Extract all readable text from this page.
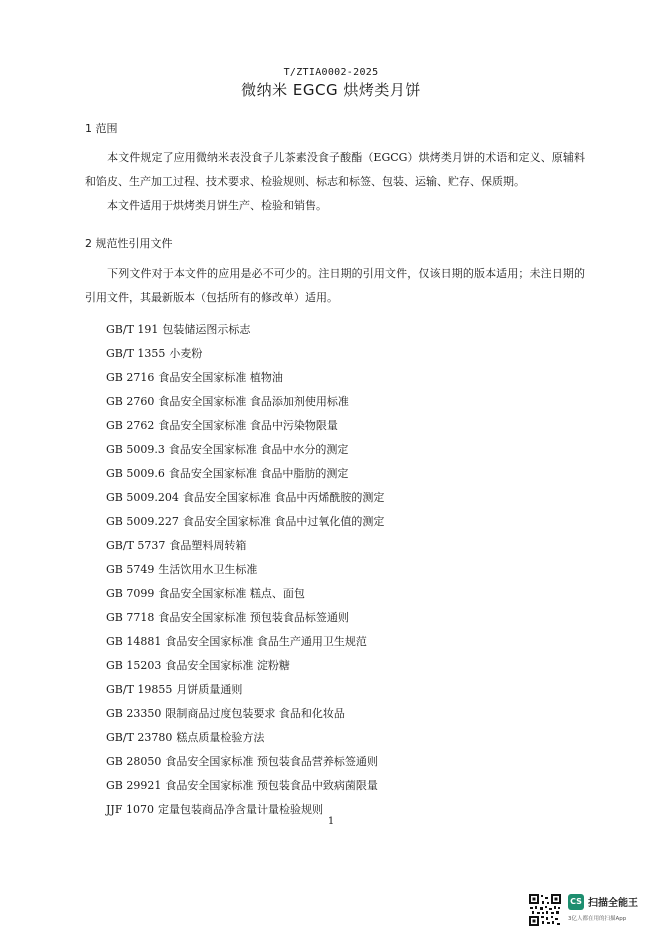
T/ZTIA0002-2025
微纳米 EGCG 烘烤类月饼
1 范围
本文件规定了应用微纳米表没食子儿茶素没食子酸酯（EGCG）烘烤类月饼的术语和定义、原辅料和馅皮、生产加工过程、技术要求、检验规则、标志和标签、包装、运输、贮存、保质期。
本文件适用于烘烤类月饼生产、检验和销售。
2 规范性引用文件
下列文件对于本文件的应用是必不可少的。注日期的引用文件，仅该日期的版本适用；未注日期的引用文件，其最新版本（包括所有的修改单）适用。
GB/T 191 包装储运图示标志
GB/T 1355 小麦粉
GB 2716 食品安全国家标准 植物油
GB 2760 食品安全国家标准 食品添加剂使用标准
GB 2762 食品安全国家标准 食品中污染物限量
GB 5009.3 食品安全国家标准 食品中水分的测定
GB 5009.6 食品安全国家标准 食品中脂肪的测定
GB 5009.204 食品安全国家标准 食品中丙烯酰胺的测定
GB 5009.227 食品安全国家标准 食品中过氧化值的测定
GB/T 5737 食品塑料周转箱
GB 5749 生活饮用水卫生标准
GB 7099 食品安全国家标准 糕点、面包
GB 7718 食品安全国家标准 预包装食品标签通则
GB 14881 食品安全国家标准 食品生产通用卫生规范
GB 15203 食品安全国家标准 淀粉糖
GB/T 19855 月饼质量通则
GB 23350 限制商品过度包装要求 食品和化妆品
GB/T 23780 糕点质量检验方法
GB 28050 食品安全国家标准 预包装食品营养标签通则
GB 29921 食品安全国家标准 预包装食品中致病菌限量
JJF 1070 定量包装商品净含量计量检验规则
1
CS 扫描全能王
3亿人都在用的扫描App
